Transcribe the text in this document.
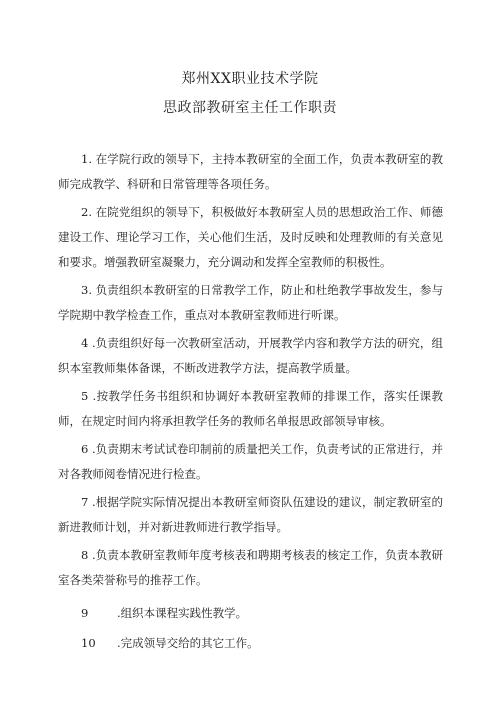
郑州XX职业技术学院
思政部教研室主任工作职责

1. 在学院行政的领导下，主持本教研室的全面工作，负责本教研室的教师完成教学、科研和日常管理等各项任务。

2. 在院党组织的领导下，积极做好本教研室人员的思想政治工作、师德建设工作、理论学习工作，关心他们生活，及时反映和处理教师的有关意见和要求。增强教研室凝聚力，充分调动和发挥全室教师的积极性。

3. 负责组织本教研室的日常教学工作，防止和杜绝教学事故发生，参与学院期中教学检查工作，重点对本教研室教师进行听课。

4 .负责组织好每一次教研室活动，开展教学内容和教学方法的研究，组织本室教师集体备课，不断改进教学方法，提高教学质量。

5 .按教学任务书组织和协调好本教研室教师的排课工作，落实任课教师，在规定时间内将承担教学任务的教师名单报思政部领导审核。

6 .负责期末考试试卷印制前的质量把关工作，负责考试的正常进行，并对各教师阅卷情况进行检查。

7 .根据学院实际情况提出本教研室师资队伍建设的建议，制定教研室的新进教师计划，并对新进教师进行教学指导。

8 .负责本教研室教师年度考核表和聘期考核表的核定工作，负责本教研室各类荣誉称号的推荐工作。

9 .组织本课程实践性教学。
10 .完成领导交给的其它工作。
